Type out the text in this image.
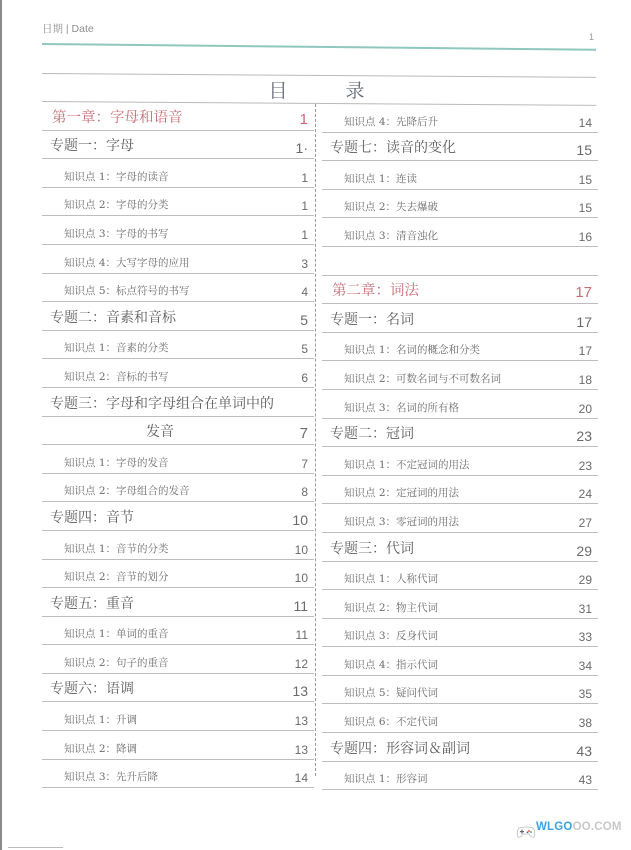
日期 | Date
1
目 录
第一章：字母和语音	1
专题一：字母	1·
知识点 1：字母的读音	1
知识点 2：字母的分类	1
知识点 3：字母的书写	1
知识点 4：大写字母的应用	3
知识点 5：标点符号的书写	4
专题二：音素和音标	5
知识点 1：音素的分类	5
知识点 2：音标的书写	6
专题三：字母和字母组合在单词中的
发音	7
知识点 1：字母的发音	7
知识点 2：字母组合的发音	8
专题四：音节	10
知识点 1：音节的分类	10
知识点 2：音节的划分	10
专题五：重音	11
知识点 1：单词的重音	11
知识点 2：句子的重音	12
专题六：语调	13
知识点 1：升调	13
知识点 2：降调	13
知识点 3：先升后降	14
知识点 4：先降后升	14
专题七：读音的变化	15
知识点 1：连读	15
知识点 2：失去爆破	15
知识点 3：清音浊化	16
第二章：词法	17
专题一：名词	17
知识点 1：名词的概念和分类	17
知识点 2：可数名词与不可数名词	18
知识点 3：名词的所有格	20
专题二：冠词	23
知识点 1：不定冠词的用法	23
知识点 2：定冠词的用法	24
知识点 3：零冠词的用法	27
专题三：代词	29
知识点 1：人称代词	29
知识点 2：物主代词	31
知识点 3：反身代词	33
知识点 4：指示代词	34
知识点 5：疑问代词	35
知识点 6：不定代词	38
专题四：形容词＆副词	43
知识点 1：形容词	43
WLGOOO.COM
